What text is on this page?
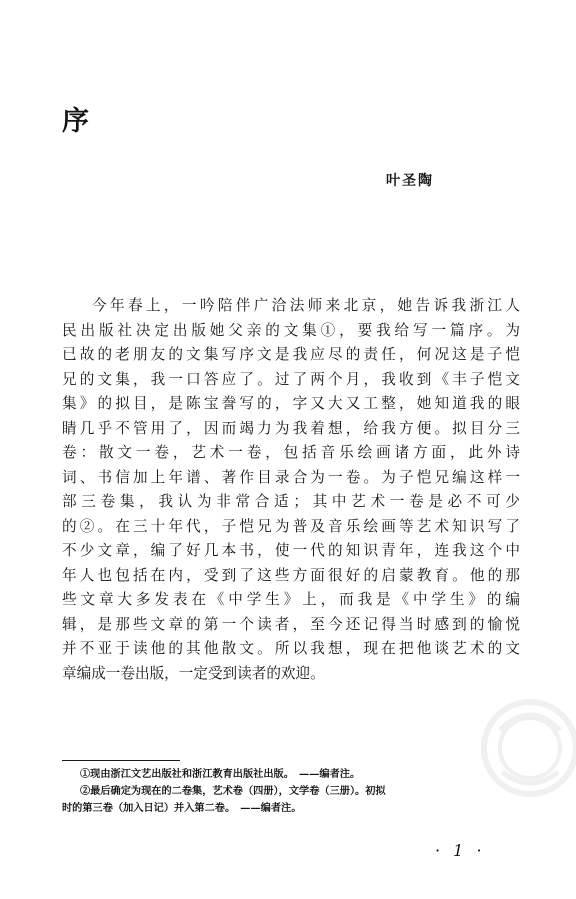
序
叶圣陶
今年春上，一吟陪伴广洽法师来北京，她告诉我浙江人
民出版社决定出版她父亲的文集①，要我给写一篇序。为
已故的老朋友的文集写序文是我应尽的责任，何况这是子恺
兄的文集，我一口答应了。过了两个月，我收到《丰子恺文
集》的拟目，是陈宝誊写的，字又大又工整，她知道我的眼
睛几乎不管用了，因而竭力为我着想，给我方便。拟目分三
卷：散文一卷，艺术一卷，包括音乐绘画诸方面，此外诗
词、书信加上年谱、著作目录合为一卷。为子恺兄编这样一
部三卷集，我认为非常合适；其中艺术一卷是必不可少
的②。在三十年代，子恺兄为普及音乐绘画等艺术知识写了
不少文章，编了好几本书，使一代的知识青年，连我这个中
年人也包括在内，受到了这些方面很好的启蒙教育。他的那
些文章大多发表在《中学生》上，而我是《中学生》的编
辑，是那些文章的第一个读者，至今还记得当时感到的愉悦
并不亚于读他的其他散文。所以我想，现在把他谈艺术的文
章编成一卷出版，一定受到读者的欢迎。
①现由浙江文艺出版社和浙江教育出版社出版。　——编者注。
②最后确定为现在的二卷集，艺术卷（四册），文学卷（三册）。初拟
时的第三卷（加入日记）并入第二卷。　——编者注。
· 1 ·
